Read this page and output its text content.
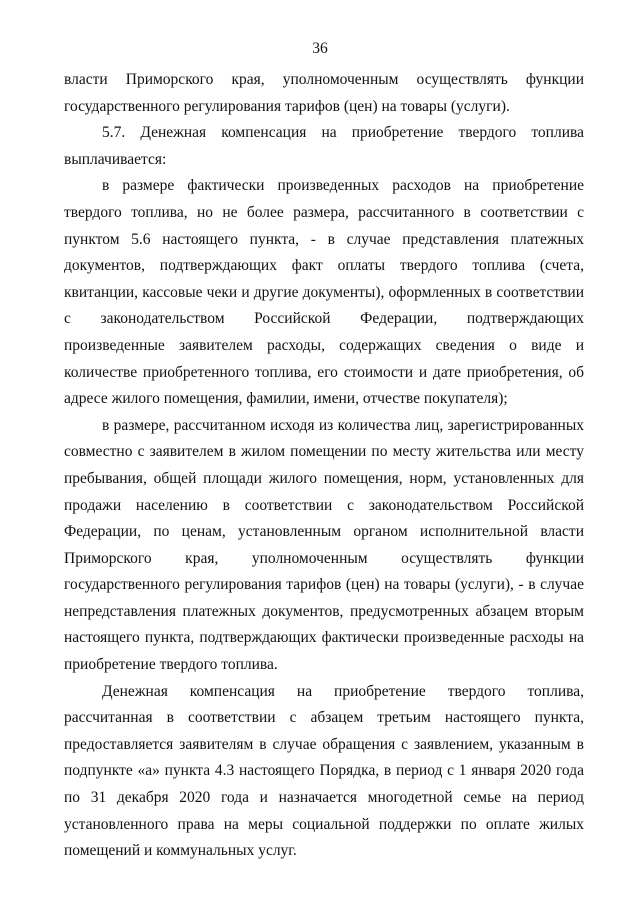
36

власти Приморского края, уполномоченным осуществлять функции государственного регулирования тарифов (цен) на товары (услуги).

5.7. Денежная компенсация на приобретение твердого топлива выплачивается:

в размере фактически произведенных расходов на приобретение твердого топлива, но не более размера, рассчитанного в соответствии с пунктом 5.6 настоящего пункта, - в случае представления платежных документов, подтверждающих факт оплаты твердого топлива (счета, квитанции, кассовые чеки и другие документы), оформленных в соответствии с законодательством Российской Федерации, подтверждающих произведенные заявителем расходы, содержащих сведения о виде и количестве приобретенного топлива, его стоимости и дате приобретения, об адресе жилого помещения, фамилии, имени, отчестве покупателя);

в размере, рассчитанном исходя из количества лиц, зарегистрированных совместно с заявителем в жилом помещении по месту жительства или месту пребывания, общей площади жилого помещения, норм, установленных для продажи населению в соответствии с законодательством Российской Федерации, по ценам, установленным органом исполнительной власти Приморского края, уполномоченным осуществлять функции государственного регулирования тарифов (цен) на товары (услуги), - в случае непредставления платежных документов, предусмотренных абзацем вторым настоящего пункта, подтверждающих фактически произведенные расходы на приобретение твердого топлива.

Денежная компенсация на приобретение твердого топлива, рассчитанная в соответствии с абзацем третьим настоящего пункта, предоставляется заявителям в случае обращения с заявлением, указанным в подпункте «а» пункта 4.3 настоящего Порядка, в период с 1 января 2020 года по 31 декабря 2020 года и назначается многодетной семье на период установленного права на меры социальной поддержки по оплате жилых помещений и коммунальных услуг.
